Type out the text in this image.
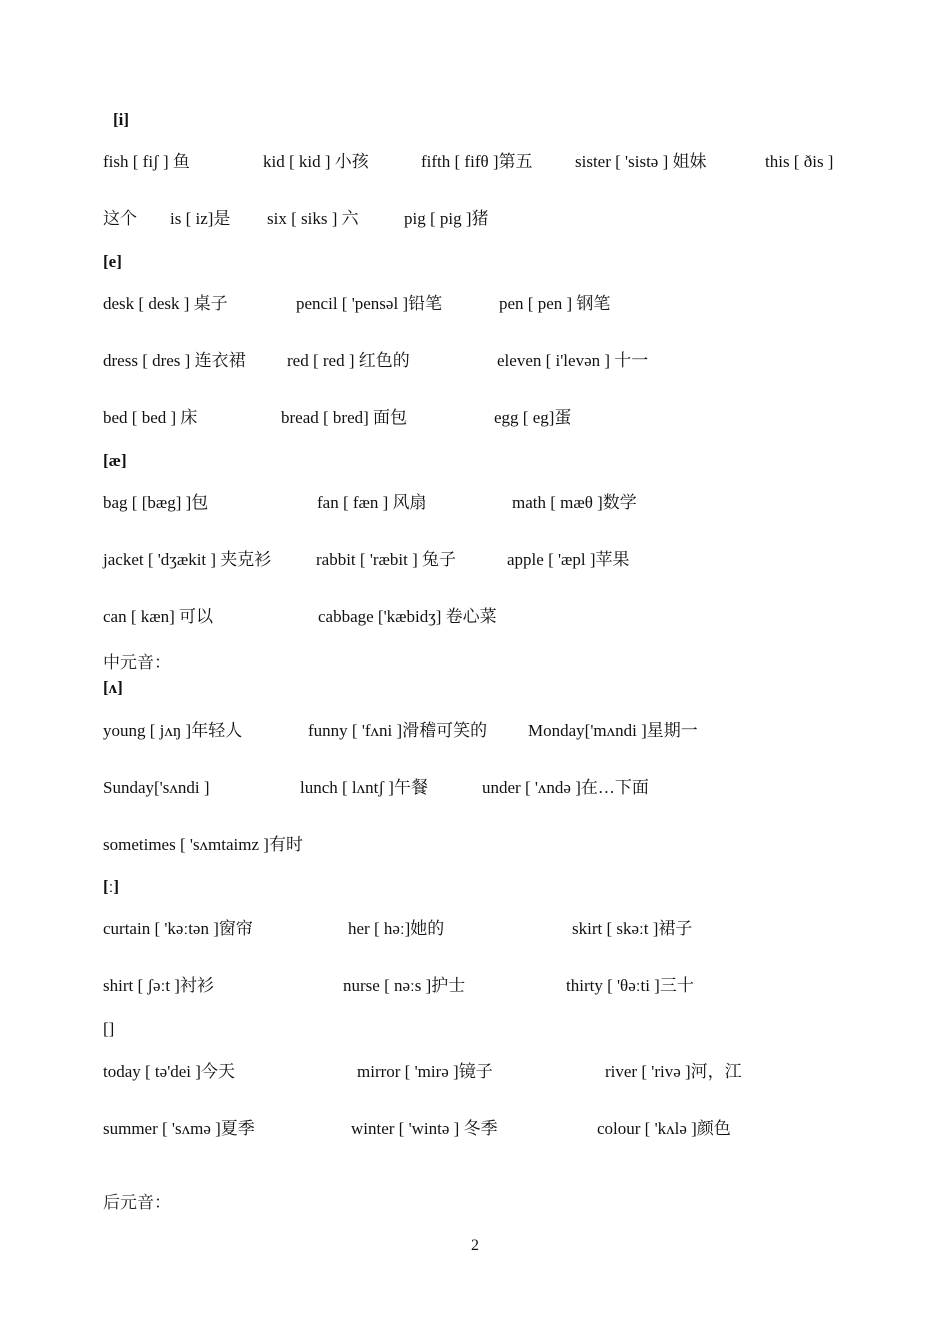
[i]
fish [ fiʃ ] 鱼	kid [ kid ] 小孩	fifth [ fifθ ]第五 sister [ 'sistə ] 姐妹	this [ ðis ]
这个 is [ iz]是 six [ siks ] 六	pig [ pig ]猪
[e]
desk [ desk ] 桌子	pencil [ 'pensəl ]铅笔	pen [ pen ] 钢笔
dress [ dres ] 连衣裙 red [ red ] 红色的	eleven [ i'levən ] 十一
bed [ bed ] 床	bread [ bred] 面包	egg [ eg]蛋
[æ]
bag [ [bæg] ]包	fan [ fæn ] 风扇	math [ mæθ ]数学
jacket [ 'dʒækit ] 夹克衫	rabbit [ 'ræbit ] 兔子	apple [ 'æpl ]苹果
can [ kæn] 可以	cabbage ['kæbidʒ] 卷心菜
中元音：
[ʌ]
young [ jʌŋ ]年轻人	funny [ 'fʌni ]滑稽可笑的 Monday['mʌndi ]星期一
Sunday['sʌndi ]	lunch [ lʌntʃ ]午餐	under [ 'ʌndə ]在…下面
sometimes [ 'sʌmtaimz ]有时
[ː]
curtain [ 'kəːtən ]窗帘	her [ həː]她的	skirt [ skəːt ]裙子
shirt [ ʃəːt ]衬衫	nurse [ nəːs ]护士	thirty [ 'θəːti ]三十
[]
today [ tə'dei ]今天	mirror [ 'mirə ]镜子	river [ 'rivə ]河，江
summer [ 'sʌmə ]夏季	winter [ 'wintə ] 冬季	colour [ 'kʌlə ]颜色
后元音：
2
